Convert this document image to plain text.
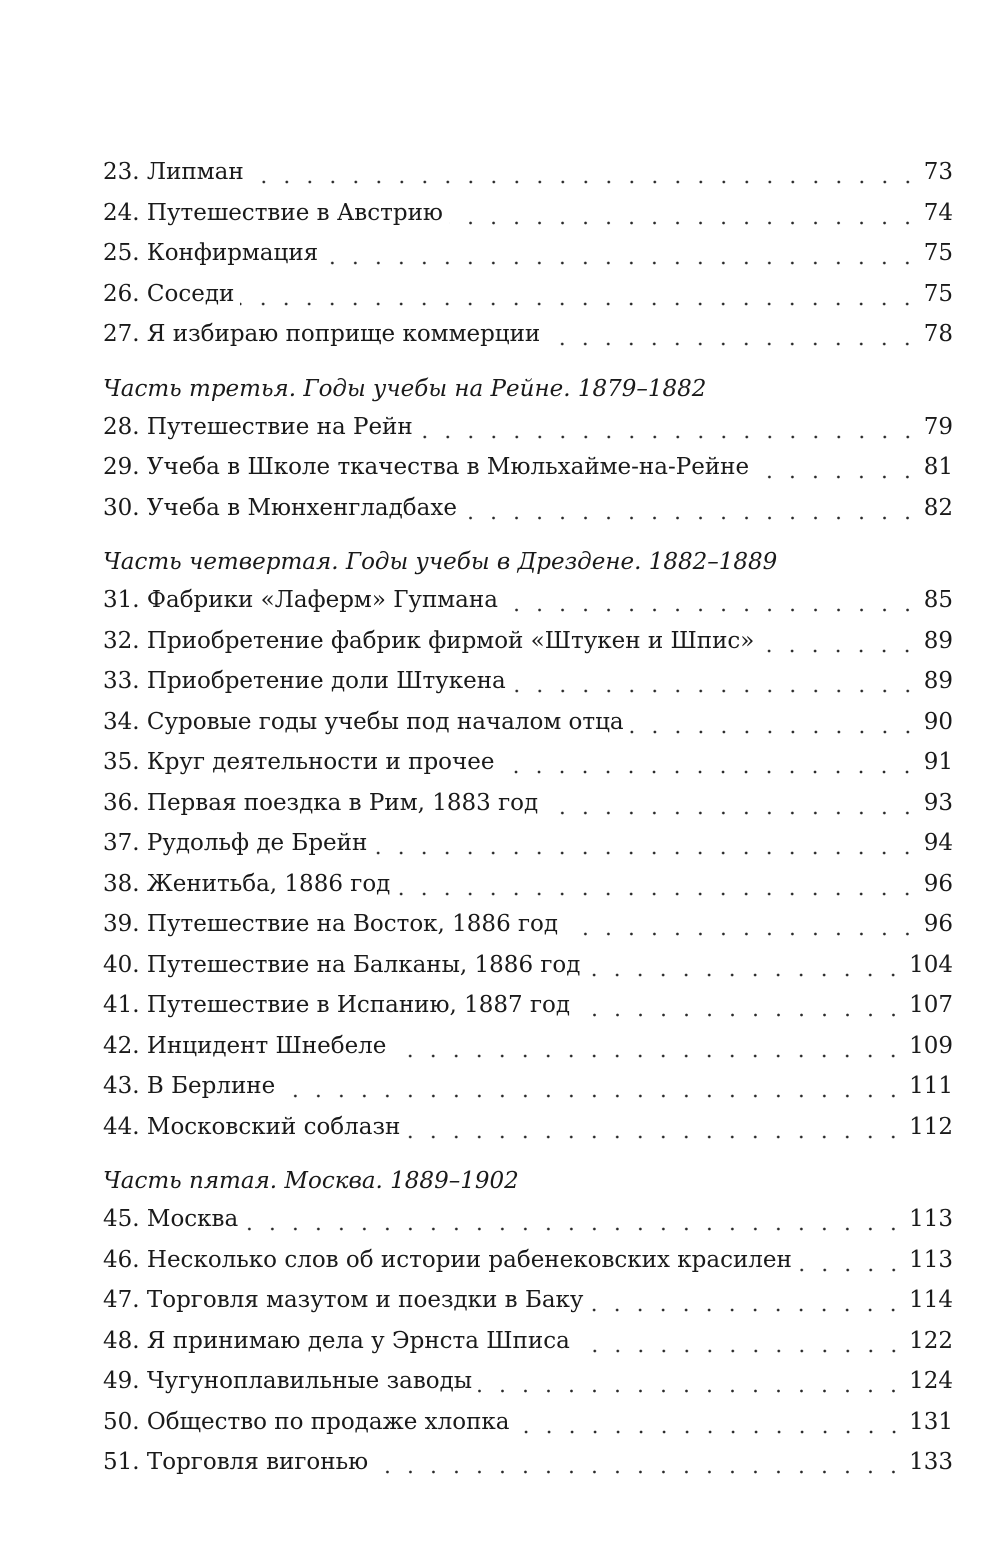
23. Липман	73
24. Путешествие в Австрию	74
25. Конфирмация	75
26. Соседи	75
27. Я избираю поприще коммерции	78
Часть третья. Годы учебы на Рейне. 1879–1882
28. Путешествие на Рейн	79
29. Учеба в Школе ткачества в Мюльхайме-на-Рейне	81
30. Учеба в Мюнхенгладбахе	82
Часть четвертая. Годы учебы в Дрездене. 1882–1889
31. Фабрики «Лаферм» Гупмана	85
32. Приобретение фабрик фирмой «Штукен и Шпис»	89
33. Приобретение доли Штукена	89
34. Суровые годы учебы под началом отца	90
35. Круг деятельности и прочее	91
36. Первая поездка в Рим, 1883 год	93
37. Рудольф де Брейн	94
38. Женитьба, 1886 год	96
39. Путешествие на Восток, 1886 год	96
40. Путешествие на Балканы, 1886 год	104
41. Путешествие в Испанию, 1887 год	107
42. Инцидент Шнебеле	109
43. В Берлине	111
44. Московский соблазн	112
Часть пятая. Москва. 1889–1902
45. Москва	113
46. Несколько слов об истории рабенековских красилен	113
47. Торговля мазутом и поездки в Баку	114
48. Я принимаю дела у Эрнста Шписа	122
49. Чугуноплавильные заводы	124
50. Общество по продаже хлопка	131
51. Торговля вигонью	133
